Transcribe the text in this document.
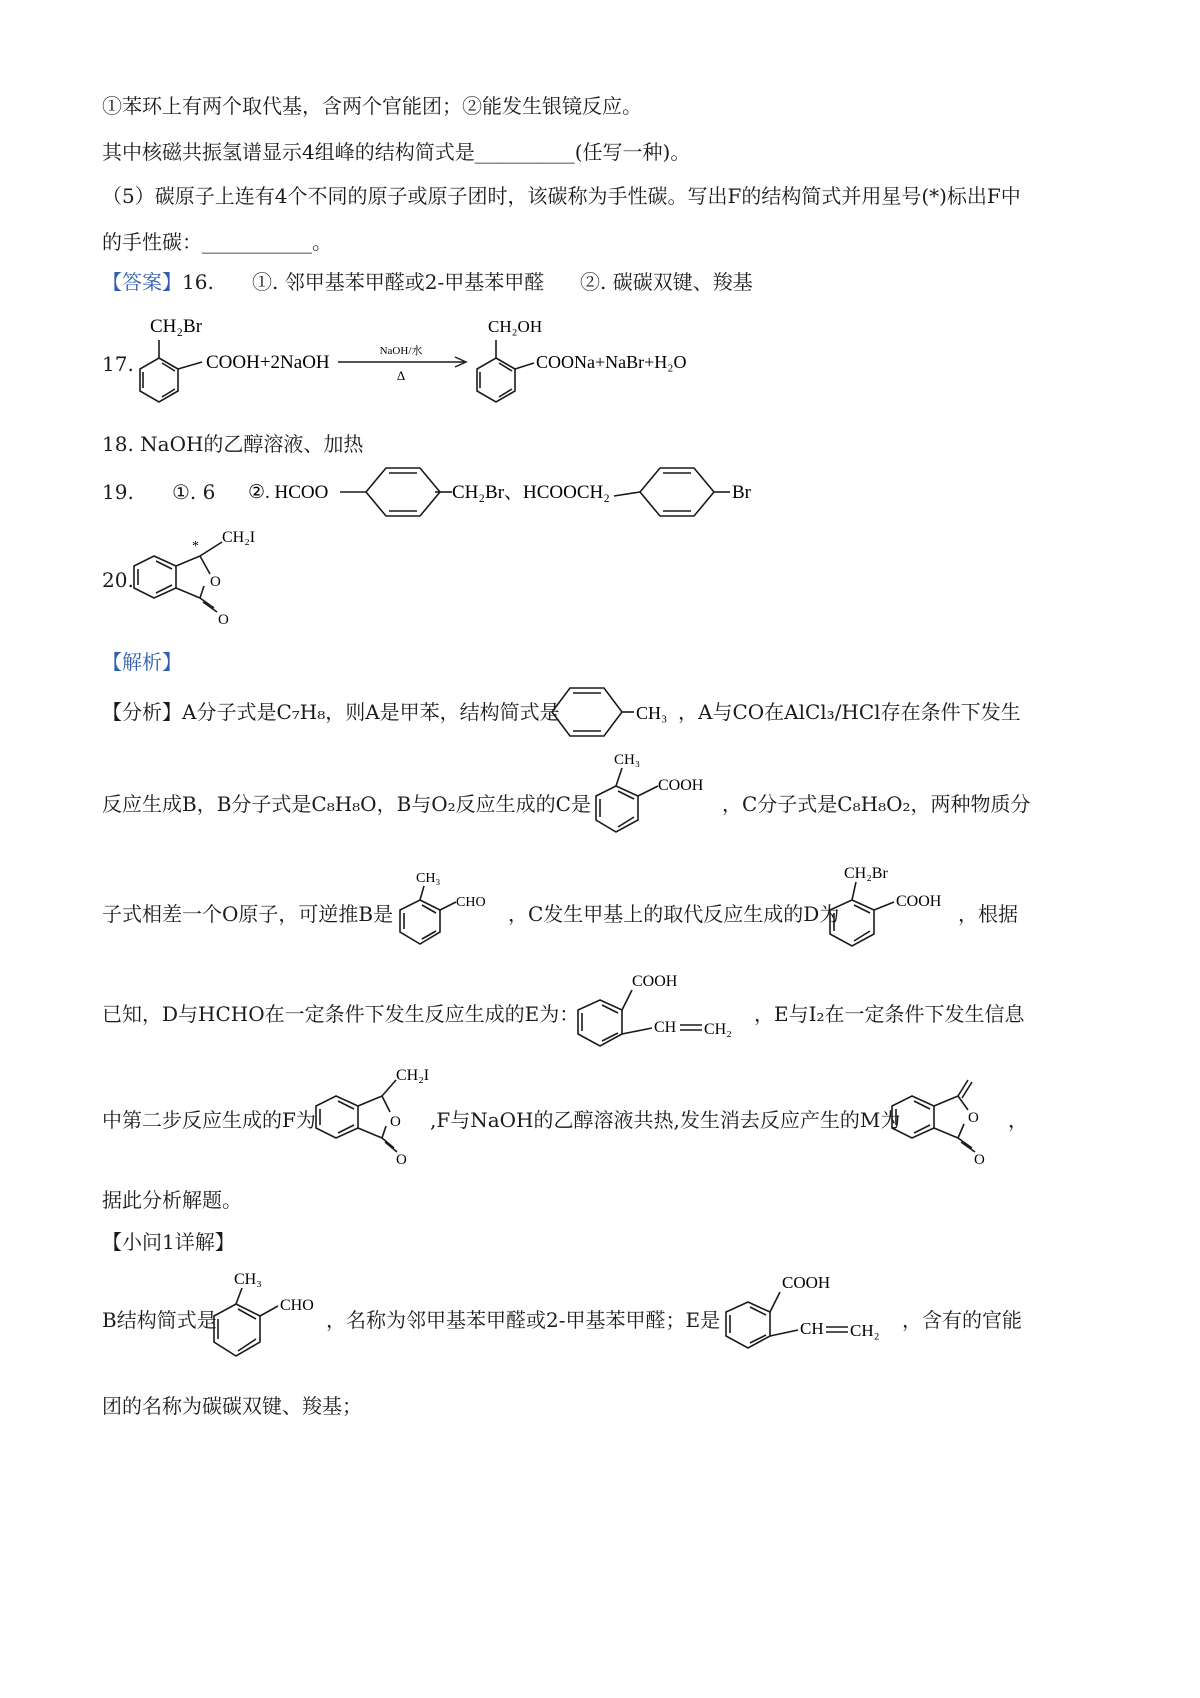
①苯环上有两个取代基，含两个官能团；②能发生银镜反应。
其中核磁共振氢谱显示4组峰的结构简式是__________(任写一种)。
（5）碳原子上连有4个不同的原子或原子团时，该碳称为手性碳。写出F的结构简式并用星号(*)标出F中
的手性碳：___________。
【答案】16. ①. 邻甲基苯甲醛或2-甲基苯甲醛 ②. 碳碳双键、羧基
17.
CH₂Br
COOH+2NaOH
NaOH/水
Δ
CH₂OH
COONa+NaBr+H₂O
18. NaOH的乙醇溶液、加热
19. ①. 6 ②. HCOO	CH₂Br、HCOOCH₂	Br
20.
*
CH₂I
O
O
【解析】
【分析】A分子式是C₇H₈，则A是甲苯，结构简式是	CH₃ ，A与CO在AlCl₃/HCl存在条件下发生
反应生成B，B分子式是C₈H₈O，B与O₂反应生成的C是
CH₃
COOH
，C分子式是C₈H₈O₂，两种物质分
子式相差一个O原子，可逆推B是
CH₃
CHO ，C发生甲基上的取代反应生成的D为
CH₂Br
COOH
，根据
已知，D与HCHO在一定条件下发生反应生成的E为：
COOH
CH CH₂
，E与I₂在一定条件下发生信息
中第二步反应生成的F为
CH₂I
O
O
,F与NaOH的乙醇溶液共热,发生消去反应产生的M为	O
O
，
据此分析解题。
【小问1详解】
B结构简式是
CH₃
CHO
，名称为邻甲基苯甲醛或2-甲基苯甲醛；E是
COOH
CH CH₂ ，含有的官能
团的名称为碳碳双键、羧基；
